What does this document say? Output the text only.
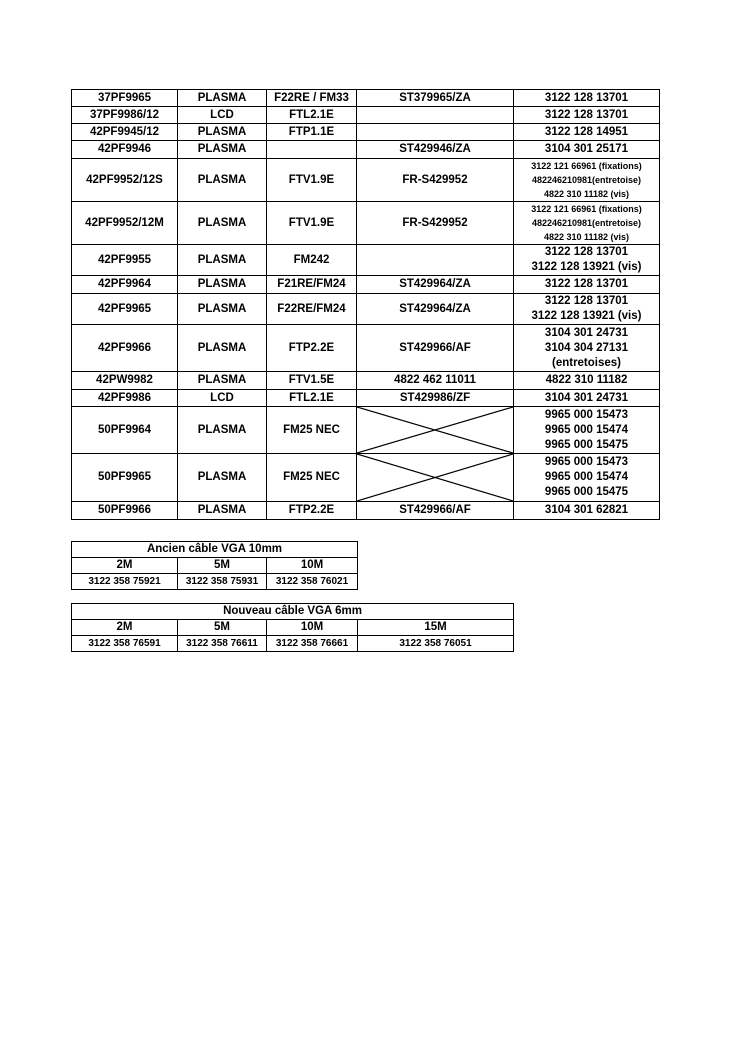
37PF9965	PLASMA	F22RE / FM33	ST379965/ZA	3122 128 13701

37PF9986/12	LCD	FTL2.1E		3122 128 13701

42PF9945/12	PLASMA	FTP1.1E		3122 128 14951

42PF9946	PLASMA		ST429946/ZA	3104 301 25171

42PF9952/12S	PLASMA	FTV1.9E	FR-S429952	3122 121 66961 (fixations)
482246210981(entretoise)
4822 310 11182 (vis)

42PF9952/12M	PLASMA	FTV1.9E	FR-S429952	3122 121 66961 (fixations)
482246210981(entretoise)
4822 310 11182 (vis)

42PF9955	PLASMA	FM242		3122 128 13701
3122 128 13921 (vis)

42PF9964	PLASMA	F21RE/FM24	ST429964/ZA	3122 128 13701

42PF9965	PLASMA	F22RE/FM24	ST429964/ZA	3122 128 13701
3122 128 13921 (vis)

42PF9966	PLASMA	FTP2.2E	ST429966/AF	3104 301 24731
3104 304 27131
(entretoises)

42PW9982	PLASMA	FTV1.5E	4822 462 11011	4822 310 11182

42PF9986	LCD	FTL2.1E	ST429986/ZF	3104 301 24731

50PF9964	PLASMA	FM25 NEC		9965 000 15473
9965 000 15474
9965 000 15475

50PF9965	PLASMA	FM25 NEC		9965 000 15473
9965 000 15474
9965 000 15475

50PF9966	PLASMA	FTP2.2E	ST429966/AF	3104 301 62821
Ancien câble VGA 10mm		
2M	5M	10M
3122 358 75921	3122 358 75931	3122 358 76021
Nouveau câble VGA 6mm			
2M	5M	10M	15M
3122 358 76591	3122 358 76611	3122 358 76661	3122 358 76051
